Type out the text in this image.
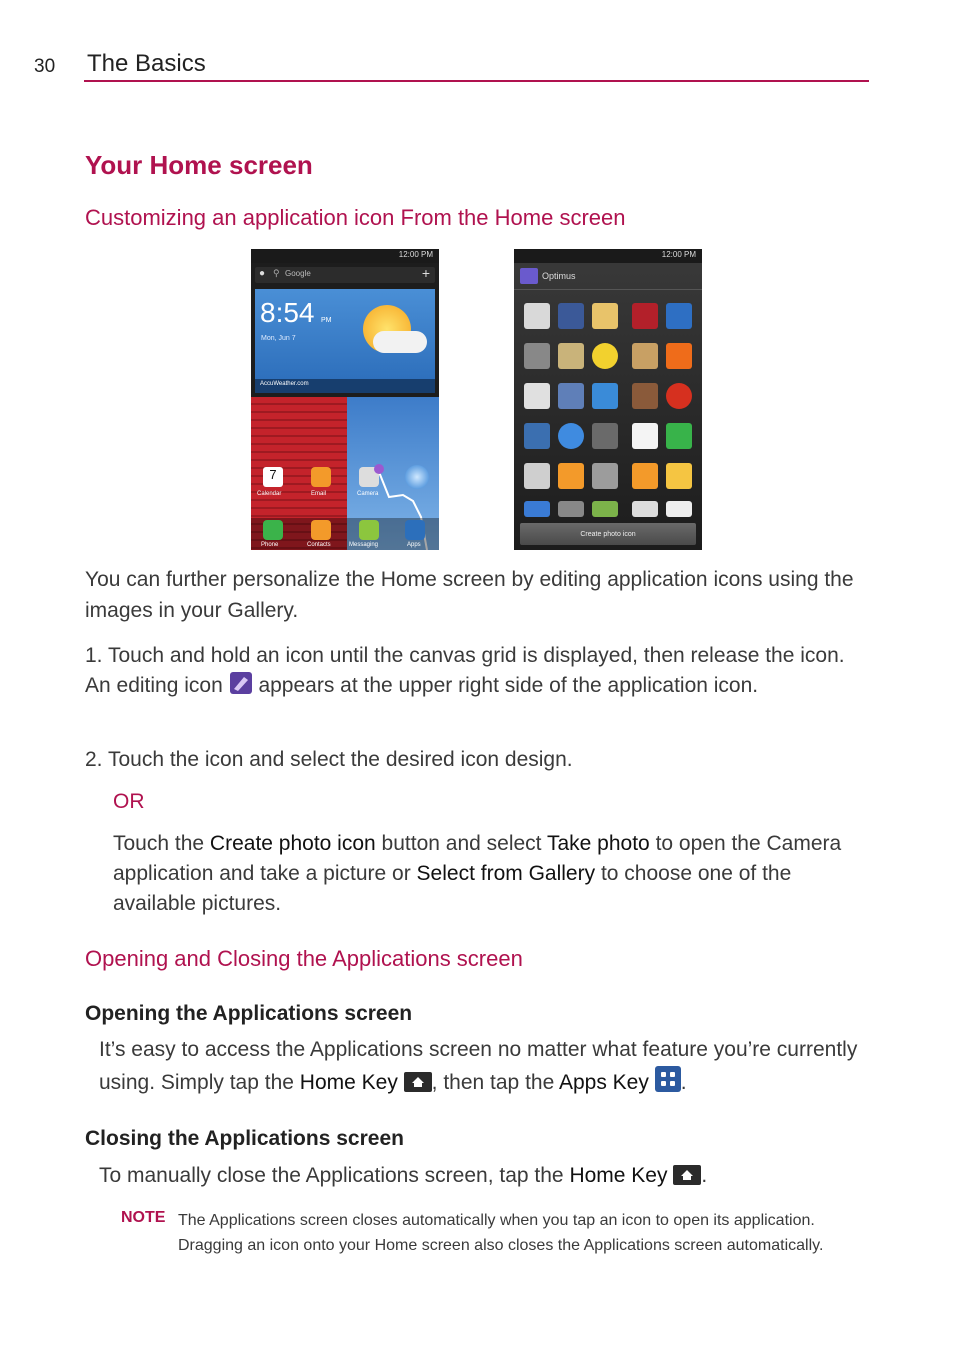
30 The Basics
Your Home screen
Customizing an application icon From the Home screen
12:00 PM
● ⚲ Google	+
8:54 PM
Mon, Jun 7
AccuWeather.com
7
Calendar	Email	Camera
Phone	Contacts	Messaging	Apps
12:00 PM
Optimus
Create photo icon
You can further personalize the Home screen by editing application icons using the images in your Gallery.
1. Touch and hold an icon until the canvas grid is displayed, then release the icon. An editing icon appears at the upper right side of the application icon.
2. Touch the icon and select the desired icon design.
OR
Touch the Create photo icon button and select Take photo to open the Camera application and take a picture or Select from Gallery to choose one of the available pictures.
Opening and Closing the Applications screen
Opening the Applications screen
It’s easy to access the Applications screen no matter what feature you’re currently using. Simply tap the Home Key , then tap the Apps Key .
Closing the Applications screen
To manually close the Applications screen, tap the Home Key .
NOTE The Applications screen closes automatically when you tap an icon to open its application. Dragging an icon onto your Home screen also closes the Applications screen automatically.
